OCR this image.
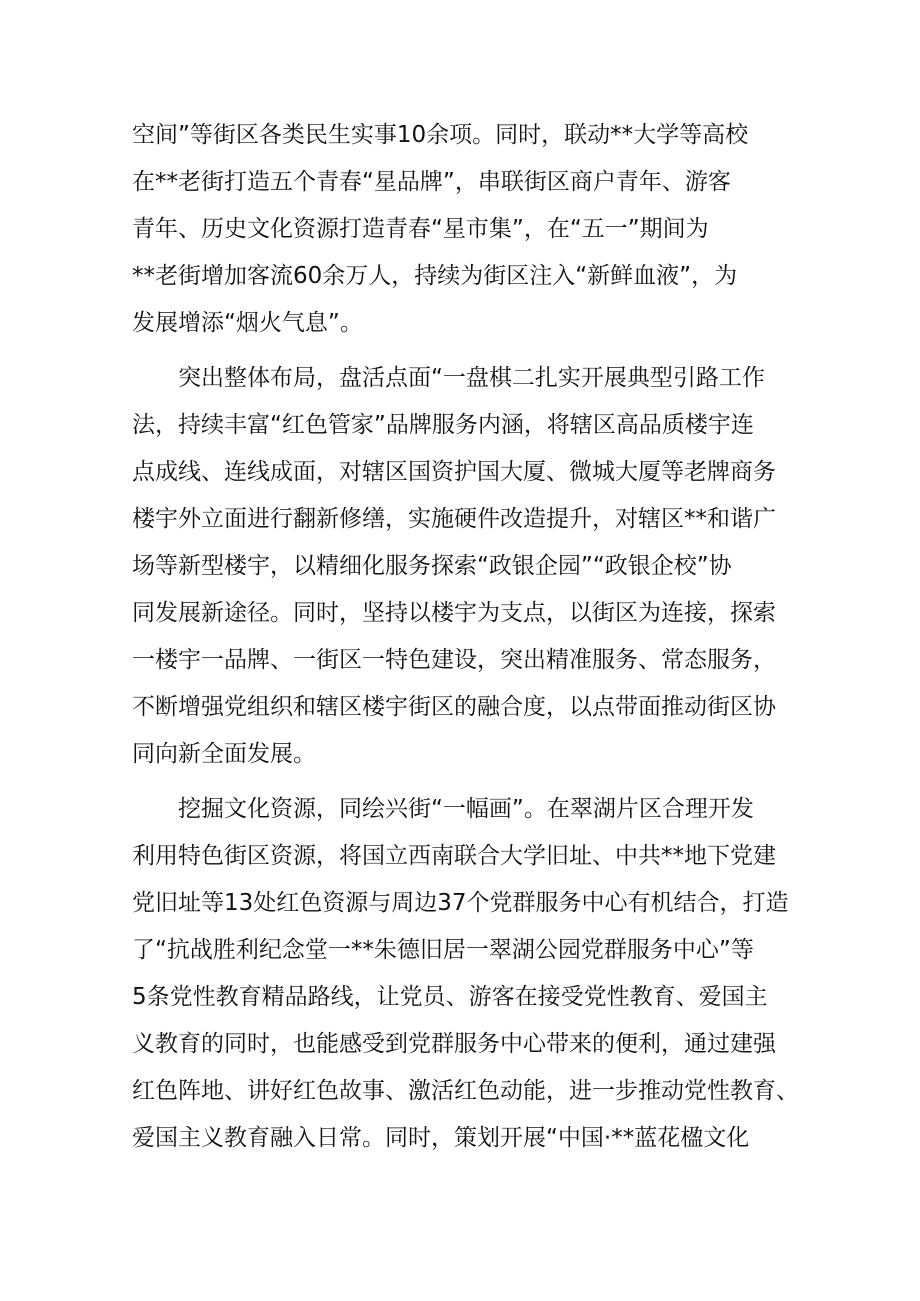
空间”等街区各类民生实事10余项。同时，联动**大学等高校
在**老街打造五个青春“星品牌”，串联街区商户青年、游客
青年、历史文化资源打造青春“星市集”，在“五一”期间为
**老街增加客流60余万人，持续为街区注入“新鲜血液”，为
发展增添“烟火气息”。
突出整体布局，盘活点面“一盘棋二扎实开展典型引路工作
法，持续丰富“红色管家”品牌服务内涵，将辖区高品质楼宇连
点成线、连线成面，对辖区国资护国大厦、微城大厦等老牌商务
楼宇外立面进行翻新修缮，实施硬件改造提升，对辖区**和谐广
场等新型楼宇，以精细化服务探索“政银企园”“政银企校”协
同发展新途径。同时，坚持以楼宇为支点，以街区为连接，探索
一楼宇一品牌、一街区一特色建设，突出精准服务、常态服务，
不断增强党组织和辖区楼宇街区的融合度，以点带面推动街区协
同向新全面发展。
挖掘文化资源，同绘兴街“一幅画”。在翠湖片区合理开发
利用特色街区资源，将国立西南联合大学旧址、中共**地下党建
党旧址等13处红色资源与周边37个党群服务中心有机结合，打造
了“抗战胜利纪念堂一**朱德旧居一翠湖公园党群服务中心”等
5条党性教育精品路线，让党员、游客在接受党性教育、爱国主
义教育的同时，也能感受到党群服务中心带来的便利，通过建强
红色阵地、讲好红色故事、激活红色动能，进一步推动党性教育、
爱国主义教育融入日常。同时，策划开展“中国·**蓝花楹文化
